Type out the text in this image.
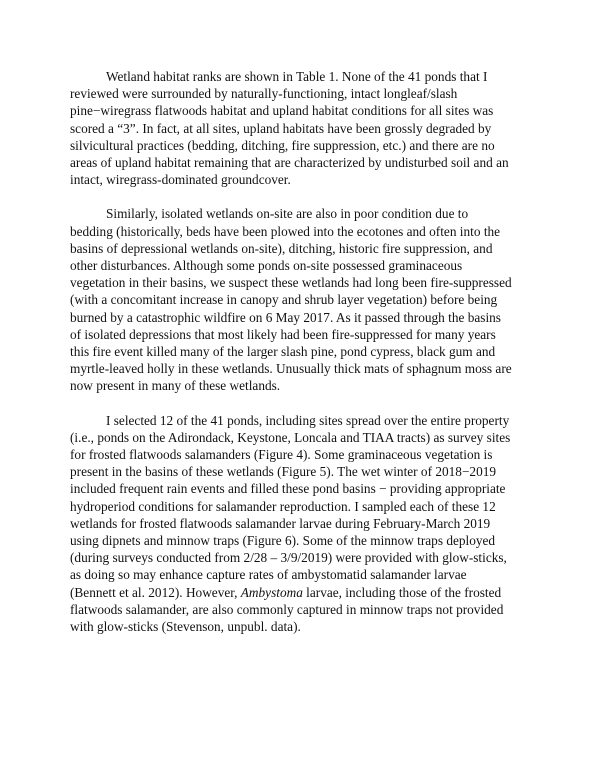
Wetland habitat ranks are shown in Table 1. None of the 41 ponds that I
reviewed were surrounded by naturally-functioning, intact longleaf/slash
pine−wiregrass flatwoods habitat and upland habitat conditions for all sites was
scored a “3”. In fact, at all sites, upland habitats have been grossly degraded by
silvicultural practices (bedding, ditching, fire suppression, etc.) and there are no
areas of upland habitat remaining that are characterized by undisturbed soil and an
intact, wiregrass-dominated groundcover.

Similarly, isolated wetlands on-site are also in poor condition due to
bedding (historically, beds have been plowed into the ecotones and often into the
basins of depressional wetlands on-site), ditching, historic fire suppression, and
other disturbances. Although some ponds on-site possessed graminaceous
vegetation in their basins, we suspect these wetlands had long been fire-suppressed
(with a concomitant increase in canopy and shrub layer vegetation) before being
burned by a catastrophic wildfire on 6 May 2017. As it passed through the basins
of isolated depressions that most likely had been fire-suppressed for many years
this fire event killed many of the larger slash pine, pond cypress, black gum and
myrtle-leaved holly in these wetlands. Unusually thick mats of sphagnum moss are
now present in many of these wetlands.

I selected 12 of the 41 ponds, including sites spread over the entire property
(i.e., ponds on the Adirondack, Keystone, Loncala and TIAA tracts) as survey sites
for frosted flatwoods salamanders (Figure 4). Some graminaceous vegetation is
present in the basins of these wetlands (Figure 5). The wet winter of 2018−2019
included frequent rain events and filled these pond basins − providing appropriate
hydroperiod conditions for salamander reproduction. I sampled each of these 12
wetlands for frosted flatwoods salamander larvae during February-March 2019
using dipnets and minnow traps (Figure 6). Some of the minnow traps deployed
(during surveys conducted from 2/28 – 3/9/2019) were provided with glow-sticks,
as doing so may enhance capture rates of ambystomatid salamander larvae
(Bennett et al. 2012). However, Ambystoma larvae, including those of the frosted
flatwoods salamander, are also commonly captured in minnow traps not provided
with glow-sticks (Stevenson, unpubl. data).
